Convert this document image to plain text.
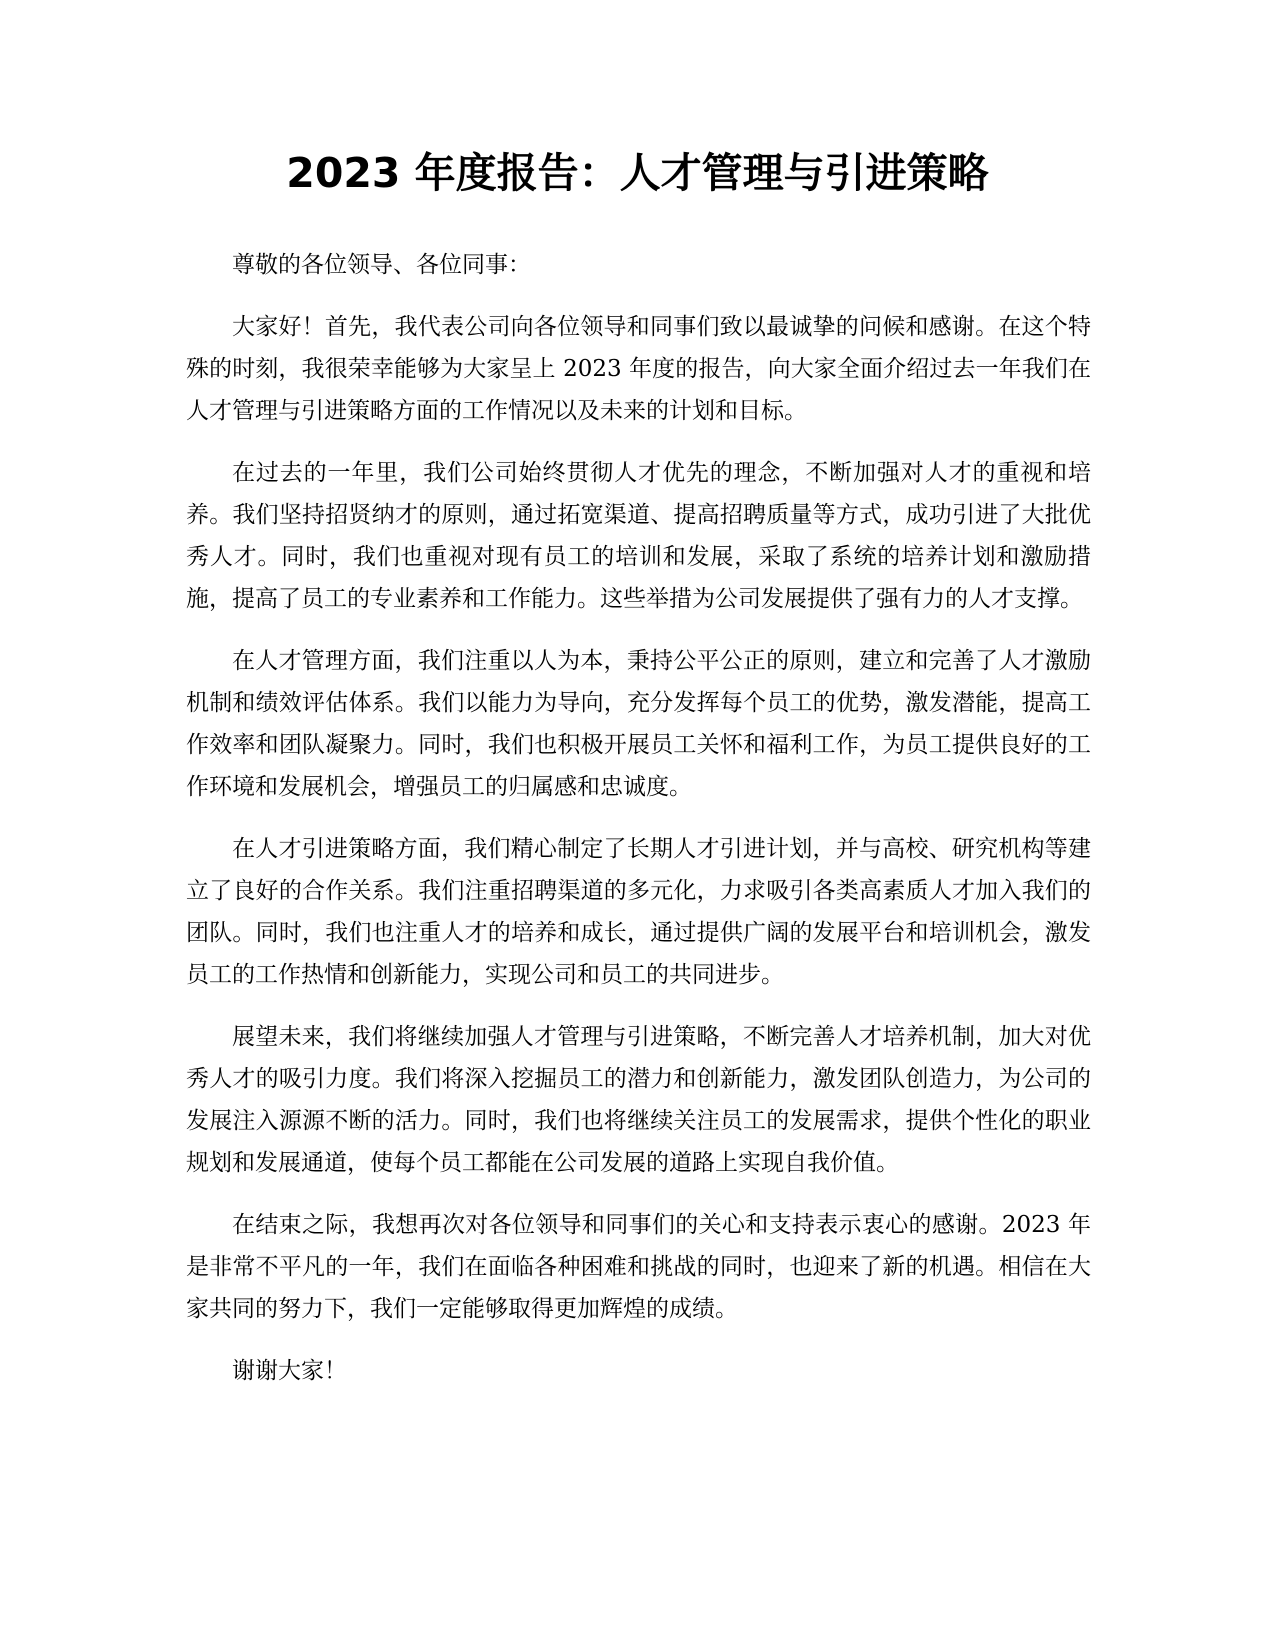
2023 年度报告：人才管理与引进策略

尊敬的各位领导、各位同事：

大家好！首先，我代表公司向各位领导和同事们致以最诚挚的问候和感谢。在这个特殊的时刻，我很荣幸能够为大家呈上 2023 年度的报告，向大家全面介绍过去一年我们在人才管理与引进策略方面的工作情况以及未来的计划和目标。

在过去的一年里，我们公司始终贯彻人才优先的理念，不断加强对人才的重视和培养。我们坚持招贤纳才的原则，通过拓宽渠道、提高招聘质量等方式，成功引进了大批优秀人才。同时，我们也重视对现有员工的培训和发展，采取了系统的培养计划和激励措施，提高了员工的专业素养和工作能力。这些举措为公司发展提供了强有力的人才支撑。

在人才管理方面，我们注重以人为本，秉持公平公正的原则，建立和完善了人才激励机制和绩效评估体系。我们以能力为导向，充分发挥每个员工的优势，激发潜能，提高工作效率和团队凝聚力。同时，我们也积极开展员工关怀和福利工作，为员工提供良好的工作环境和发展机会，增强员工的归属感和忠诚度。

在人才引进策略方面，我们精心制定了长期人才引进计划，并与高校、研究机构等建立了良好的合作关系。我们注重招聘渠道的多元化，力求吸引各类高素质人才加入我们的团队。同时，我们也注重人才的培养和成长，通过提供广阔的发展平台和培训机会，激发员工的工作热情和创新能力，实现公司和员工的共同进步。

展望未来，我们将继续加强人才管理与引进策略，不断完善人才培养机制，加大对优秀人才的吸引力度。我们将深入挖掘员工的潜力和创新能力，激发团队创造力，为公司的发展注入源源不断的活力。同时，我们也将继续关注员工的发展需求，提供个性化的职业规划和发展通道，使每个员工都能在公司发展的道路上实现自我价值。

在结束之际，我想再次对各位领导和同事们的关心和支持表示衷心的感谢。2023 年是非常不平凡的一年，我们在面临各种困难和挑战的同时，也迎来了新的机遇。相信在大家共同的努力下，我们一定能够取得更加辉煌的成绩。

谢谢大家！
